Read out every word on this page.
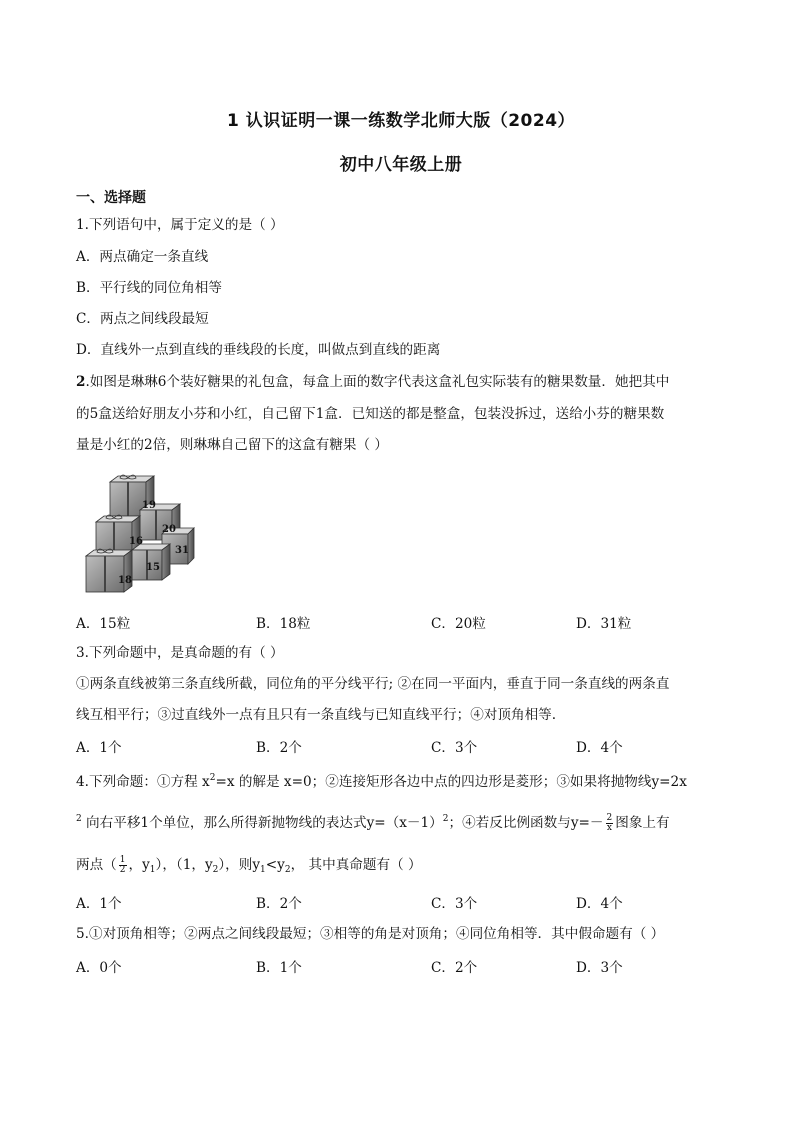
1 认识证明一课一练数学北师大版（2024）
初中八年级上册
一、选择题
1.下列语句中，属于定义的是（ ）
A．两点确定一条直线
B．平行线的同位角相等
C．两点之间线段最短
D．直线外一点到直线的垂线段的长度，叫做点到直线的距离
2.如图是琳琳6个装好糖果的礼包盒，每盒上面的数字代表这盒礼包实际装有的糖果数量．她把其中
的5盒送给好朋友小芬和小红，自己留下1盒．已知送的都是整盒，包装没拆过，送给小芬的糖果数
量是小红的2倍，则琳琳自己留下的这盒有糖果（ ）
A．15粒	B．18粒	C．20粒	D．31粒
3.下列命题中，是真命题的有（ ）
①两条直线被第三条直线所截，同位角的平分线平行; ②在同一平面内，垂直于同一条直线的两条直
线互相平行；③过直线外一点有且只有一条直线与已知直线平行；④对顶角相等.
A．1个	B．2个	C．3个	D．4个
4.下列命题：①方程 $x^2=x$ 的解是 x=0；②连接矩形各边中点的四边形是菱形；③如果将抛物线y=2x
$^2$ 向右平移1个单位，那么所得新抛物线的表达式$y=(x-1)^2$；④若反比例函数与$y=- \frac{2}{x}$ 图象上有
两点（ $\frac{1}{2}$ ，$y_1$），（1，$y_2$），则$y_1<y_2$， 其中真命题有（ ）
A．1个	B．2个	C．3个	D．4个
5.①对顶角相等；②两点之间线段最短；③相等的角是对顶角；④同位角相等．其中假命题有（ ）
A．0个	B．1个	C．2个	D．3个
19
20
16
31
15
18
